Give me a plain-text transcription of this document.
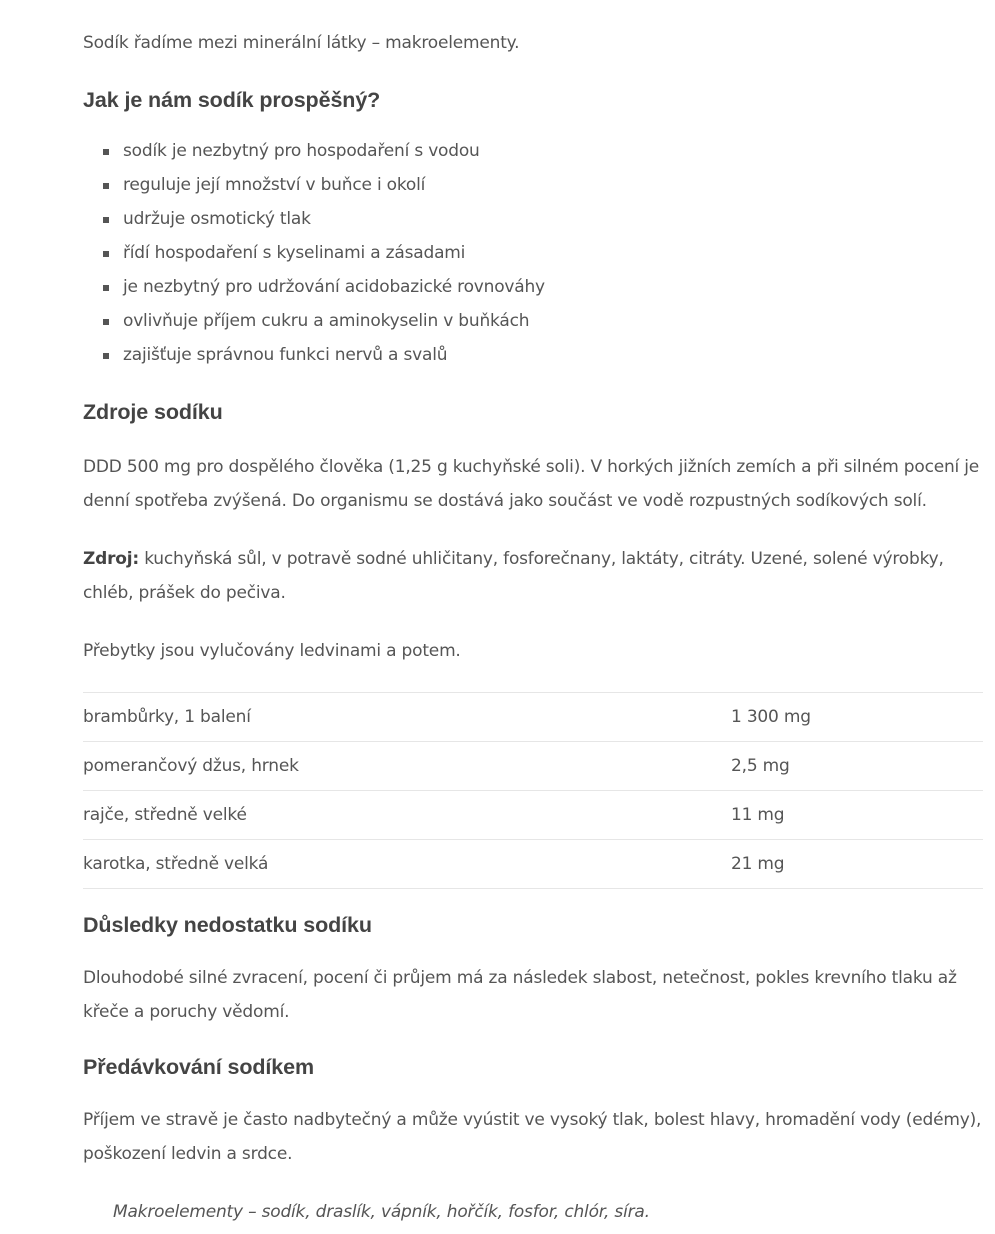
Sodík řadíme mezi minerální látky – makroelementy.

Jak je nám sodík prospěšný?
sodík je nezbytný pro hospodaření s vodou
reguluje její množství v buňce i okolí
udržuje osmotický tlak
řídí hospodaření s kyselinami a zásadami
je nezbytný pro udržování acidobazické rovnováhy
ovlivňuje příjem cukru a aminokyselin v buňkách
zajišťuje správnou funkci nervů a svalů
Zdroje sodíku

DDD 500 mg pro dospělého člověka (1,25 g kuchyňské soli). V horkých jižních zemích a při silném pocení je denní spotřeba zvýšená. Do organismu se dostává jako součást ve vodě rozpustných sodíkových solí.

Zdroj: kuchyňská sůl, v potravě sodné uhličitany, fosforečnany, laktáty, citráty. Uzené, solené výrobky, chléb, prášek do pečiva.

Přebytky jsou vylučovány ledvinami a potem.

brambůrky, 1 balení	1 300 mg
pomerančový džus, hrnek	2,5 mg
rajče, středně velké	11 mg
karotka, středně velká	21 mg
Důsledky nedostatku sodíku

Dlouhodobé silné zvracení, pocení či průjem má za následek slabost, netečnost, pokles krevního tlaku až křeče a poruchy vědomí.

Předávkování sodíkem

Příjem ve stravě je často nadbytečný a může vyústit ve vysoký tlak, bolest hlavy, hromadění vody (edémy), poškození ledvin a srdce.

Makroelementy – sodík, draslík, vápník, hořčík, fosfor, chlór, síra.
